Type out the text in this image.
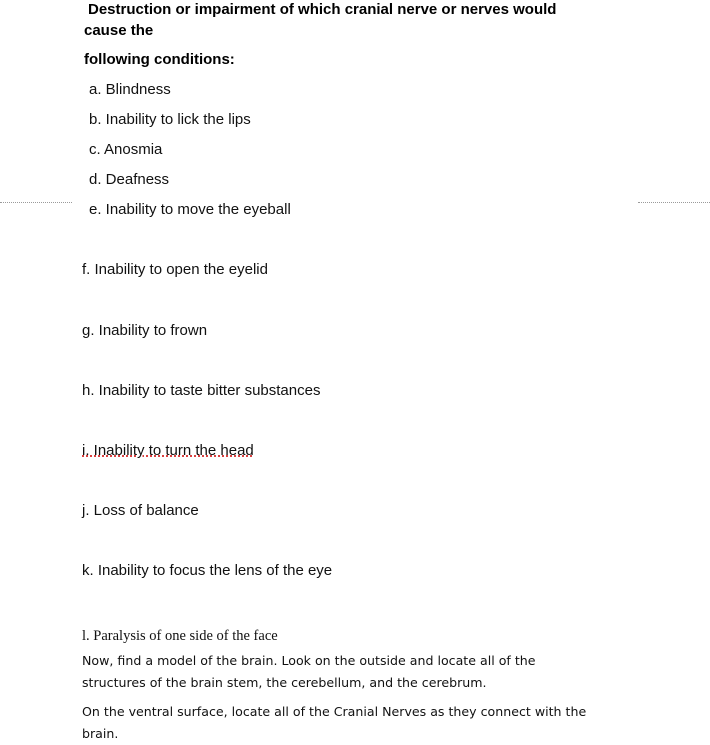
Destruction or impairment of which cranial nerve or nerves would
cause the
following conditions:
a. Blindness
b. Inability to lick the lips
c. Anosmia
d. Deafness
e. Inability to move the eyeball
f. Inability to open the eyelid
g. Inability to frown
h. Inability to taste bitter substances
i. Inability to turn the head
j. Loss of balance
k. Inability to focus the lens of the eye
l. Paralysis of one side of the face
Now, find a model of the brain. Look on the outside and locate all of the structures of the brain stem, the cerebellum, and the cerebrum.
On the ventral surface, locate all of the Cranial Nerves as they connect with the brain.
